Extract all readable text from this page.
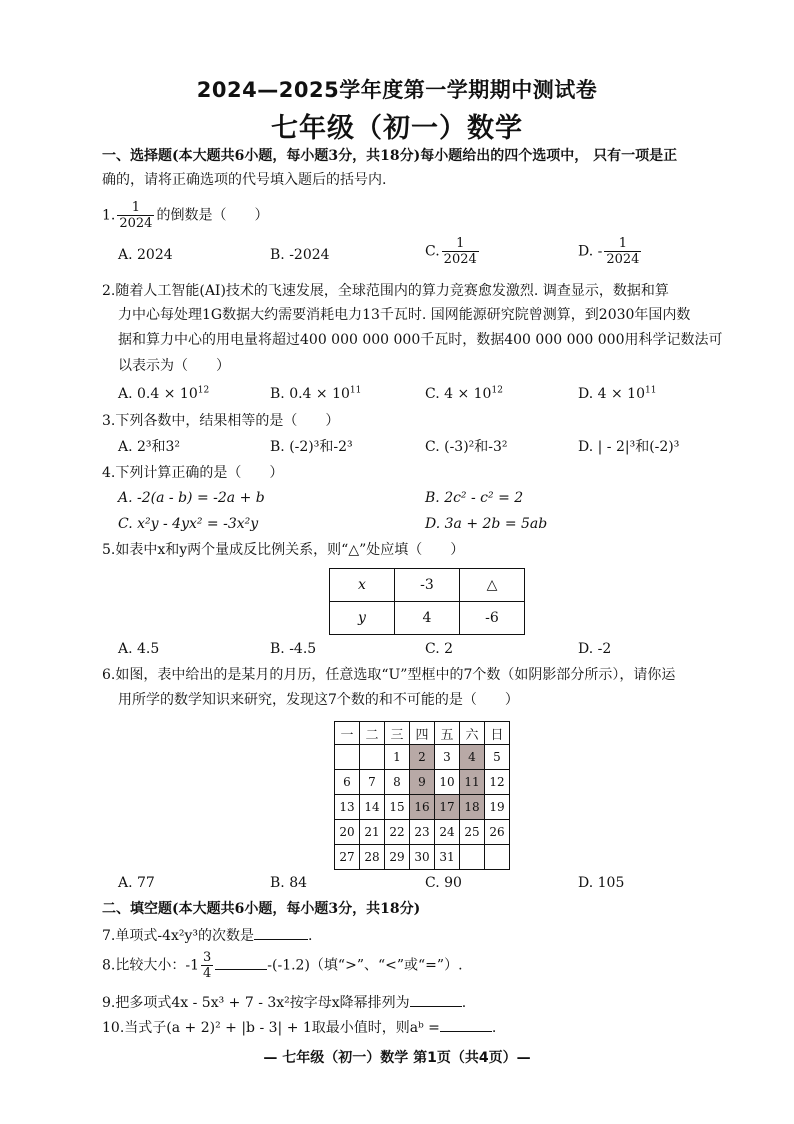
2024—2025学年度第一学期期中测试卷
七年级（初一）数学
一、选择题(本大题共6小题，每小题3分，共18分)每小题给出的四个选项中， 只有一项是正
确的，请将正确选项的代号填入题后的括号内.
1. $\frac{1}{2024}$ 的倒数是（　　）
A. 2024	B. -2024	C. $\frac{1}{2024}$	D. - $\frac{1}{2024}$
2.随着人工智能(AI)技术的飞速发展，全球范围内的算力竞赛愈发激烈. 调查显示，数据和算
力中心每处理1G数据大约需要消耗电力13千瓦时. 国网能源研究院曾测算，到2030年国内数
据和算力中心的用电量将超过400 000 000 000千瓦时，数据400 000 000 000用科学记数法可
以表示为（　　）
A. $0.4 \times 10^{12}$	B. $0.4 \times 10^{11}$	C. $4 \times 10^{12}$	D. $4 \times 10^{11}$
3.下列各数中，结果相等的是（　　）
A. 2³和3²	B. (-2)³和-2³	C. (-3)²和-3²	D. | - 2|³和(-2)³
4.下列计算正确的是（　　）
A. -2(a - b) = -2a + b	B. 2c² - c² = 2
C. x²y - 4yx² = -3x²y	D. 3a + 2b = 5ab
5.如表中x和y两个量成反比例关系，则“△”处应填（　　）
x	-3	△
y	4	-6
A. 4.5	B. -4.5	C. 2	D. -2
6.如图，表中给出的是某月的月历，任意选取“U”型框中的7个数（如阴影部分所示），请你运
用所学的数学知识来研究，发现这7个数的和不可能的是（　　）
一	二	三	四	五	六	日
		1	2	3	4	5
6	7	8	9	10	11	12
13	14	15	16	17	18	19
20	21	22	23	24	25	26
27	28	29	30	31		
A. 77	B. 84	C. 90	D. 105
二、填空题(本大题共6小题，每小题3分，共18分)
7.单项式-4x²y³的次数是	.
8.比较大小：$-1 \frac{3}{4}$	-(-1.2)（填“>”、“<”或“=”）.
9.把多项式4x - 5x³ + 7 - 3x²按字母x降幂排列为	.
10.当式子(a + 2)² + |b - 3| + 1取最小值时，则aᵇ =	.
— 七年级（初一）数学 第1页（共4页）—
